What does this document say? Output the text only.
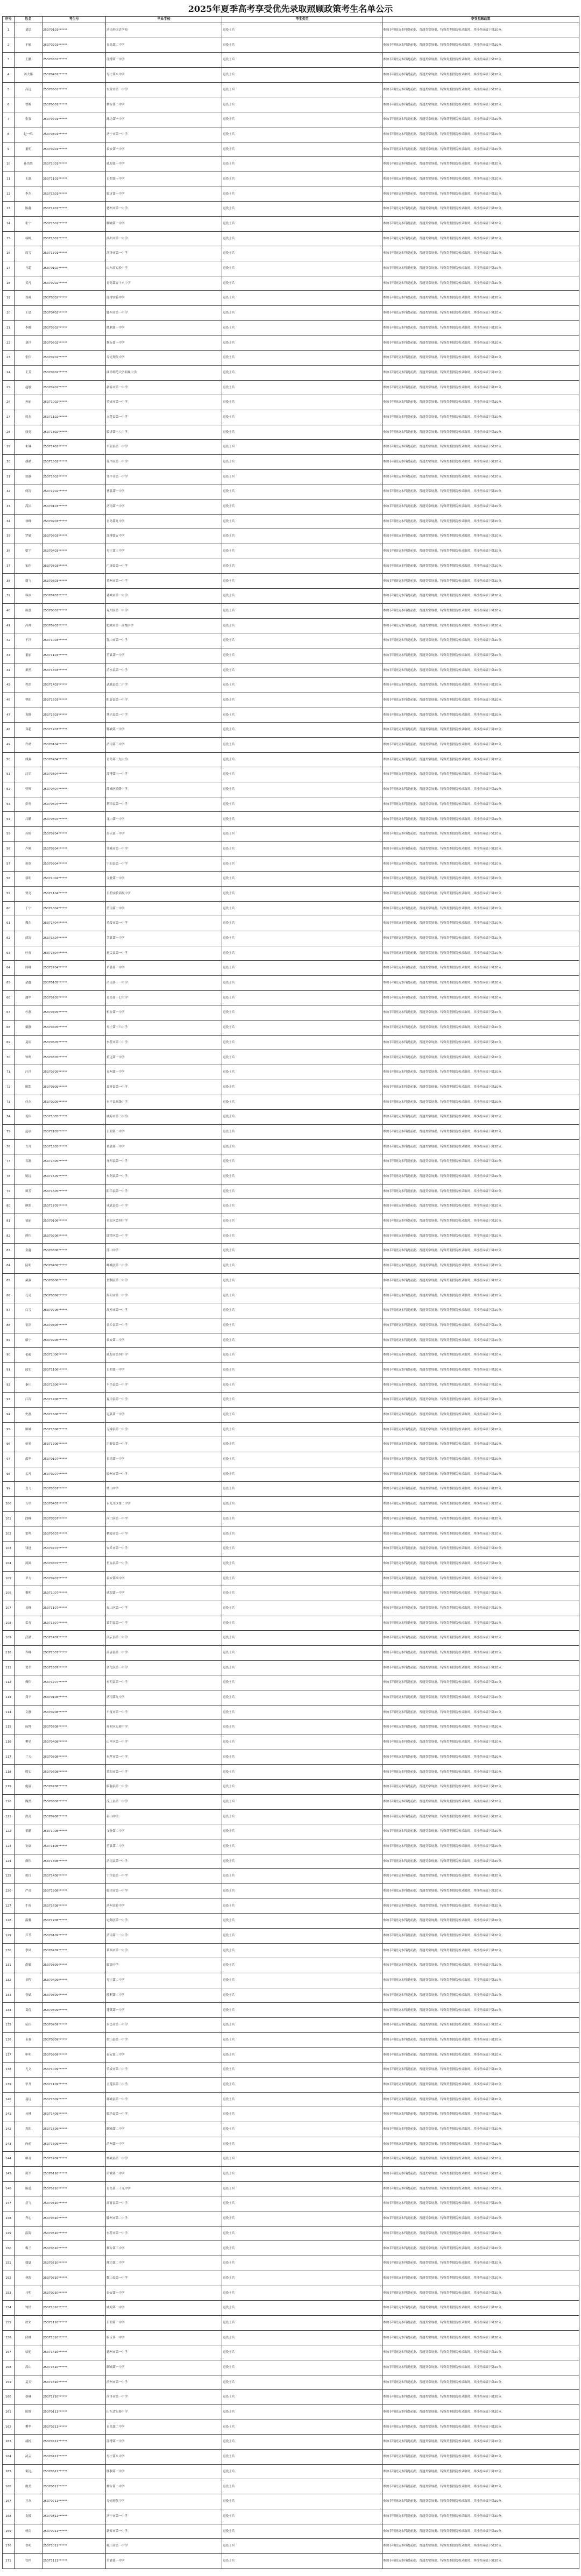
2025年夏季高考享受优先录取照顾政策考生名单公示
序号	姓名	考生号	毕业学校	考生类型	享受照顾政策
1	刘思	25370101******	济南外国语学校	退役士兵	参加专科批及本科提前批、普通类常规批、特殊类型批院校录取时，其投档成绩下降20分。
2	于航	25370201******	青岛第二中学	退役士兵	参加专科批及本科提前批、普通类常规批、特殊类型批院校录取时，其投档成绩下降20分。
3	王鹏	25370301******	淄博第一中学	退役士兵	参加专科批及本科提前批、普通类常规批、特殊类型批院校录取时，其投档成绩下降20分。
4	刘大伟	25370401******	枣庄第八中学	退役士兵	参加专科批及本科提前批、普通类常规批、特殊类型批院校录取时，其投档成绩下降20分。
5	高远	25370501******	东营市第一中学	退役士兵	参加专科批及本科提前批、普通类常规批、特殊类型批院校录取时，其投档成绩下降20分。
6	曹婉	25370601******	烟台第二中学	退役士兵	参加专科批及本科提前批、普通类常规批、特殊类型批院校录取时，其投档成绩下降20分。
7	张强	25370701******	潍坊第一中学	退役士兵	参加专科批及本科提前批、普通类常规批、特殊类型批院校录取时，其投档成绩下降20分。
8	赵一鸣	25370801******	济宁市第一中学	退役士兵	参加专科批及本科提前批、普通类常规批、特殊类型批院校录取时，其投档成绩下降20分。
9	董明	25370901******	泰安第一中学	退役士兵	参加专科批及本科提前批、普通类常规批、特殊类型批院校录取时，其投档成绩下降20分。
10	孙浩然	25371001******	威海第一中学	退役士兵	参加专科批及本科提前批、普通类常规批、特殊类型批院校录取时，其投档成绩下降20分。
11	王磊	25371101******	日照第一中学	退役士兵	参加专科批及本科提前批、普通类常规批、特殊类型批院校录取时，其投档成绩下降20分。
12	李杰	25371301******	临沂第一中学	退役士兵	参加专科批及本科提前批、普通类常规批、特殊类型批院校录取时，其投档成绩下降20分。
13	陈鑫	25371401******	德州市第一中学	退役士兵	参加专科批及本科提前批、普通类常规批、特殊类型批院校录取时，其投档成绩下降20分。
14	张宁	25371501******	聊城第一中学	退役士兵	参加专科批及本科提前批、普通类常规批、特殊类型批院校录取时，其投档成绩下降20分。
15	杨帆	25371601******	滨州市第一中学	退役士兵	参加专科批及本科提前批、普通类常规批、特殊类型批院校录取时，其投档成绩下降20分。
16	周雪	25371701******	菏泽市第一中学	退役士兵	参加专科批及本科提前批、普通类常规批、特殊类型批院校录取时，其投档成绩下降20分。
17	马超	25370102******	山东省实验中学	退役士兵	参加专科批及本科提前批、普通类常规批、特殊类型批院校录取时，其投档成绩下降20分。
18	吴凡	25370202******	青岛第五十八中学	退役士兵	参加专科批及本科提前批、普通类常规批、特殊类型批院校录取时，其投档成绩下降20分。
19	郑爽	25370302******	淄博实验中学	退役士兵	参加专科批及本科提前批、普通类常规批、特殊类型批院校录取时，其投档成绩下降20分。
20	王晨	25370402******	滕州市第一中学	退役士兵	参加专科批及本科提前批、普通类常规批、特殊类型批院校录取时，其投档成绩下降20分。
21	李娜	25370502******	胜利第一中学	退役士兵	参加专科批及本科提前批、普通类常规批、特殊类型批院校录取时，其投档成绩下降20分。
22	刘洋	25370602******	烟台第一中学	退役士兵	参加专科批及本科提前批、普通类常规批、特殊类型批院校录取时，其投档成绩下降20分。
23	张伟	25370702******	寿光现代中学	退役士兵	参加专科批及本科提前批、普通类常规批、特殊类型批院校录取时，其投档成绩下降20分。
24	王芳	25370802******	曲阜师范大学附属中学	退役士兵	参加专科批及本科提前批、普通类常规批、特殊类型批院校录取时，其投档成绩下降20分。
25	赵敏	25370902******	新泰市第一中学	退役士兵	参加专科批及本科提前批、普通类常规批、特殊类型批院校录取时，其投档成绩下降20分。
26	孙丽	25371002******	荣成市第一中学	退役士兵	参加专科批及本科提前批、普通类常规批、特殊类型批院校录取时，其投档成绩下降20分。
27	周杰	25371102******	五莲县第一中学	退役士兵	参加专科批及本科提前批、普通类常规批、特殊类型批院校录取时，其投档成绩下降20分。
28	徐亮	25371302******	临沂第十八中学	退役士兵	参加专科批及本科提前批、普通类常规批、特殊类型批院校录取时，其投档成绩下降20分。
29	朱琳	25371402******	平原县第一中学	退役士兵	参加专科批及本科提前批、普通类常规批、特殊类型批院校录取时，其投档成绩下降20分。
30	胡斌	25371502******	茌平区第一中学	退役士兵	参加专科批及本科提前批、普通类常规批、特殊类型批院校录取时，其投档成绩下降20分。
31	郭静	25371602******	邹平市第一中学	退役士兵	参加专科批及本科提前批、普通类常规批、特殊类型批院校录取时，其投档成绩下降20分。
32	何涛	25371702******	曹县第一中学	退役士兵	参加专科批及本科提前批、普通类常规批、特殊类型批院校录取时，其投档成绩下降20分。
33	高洁	25370103******	济南第一中学	退役士兵	参加专科批及本科提前批、普通类常规批、特殊类型批院校录取时，其投档成绩下降20分。
34	林峰	25370203******	青岛第九中学	退役士兵	参加专科批及本科提前批、普通类常规批、特殊类型批院校录取时，其投档成绩下降20分。
35	罗敏	25370303******	淄博第五中学	退役士兵	参加专科批及本科提前批、普通类常规批、特殊类型批院校录取时，其投档成绩下降20分。
36	梁宇	25370403******	枣庄第三中学	退役士兵	参加专科批及本科提前批、普通类常规批、特殊类型批院校录取时，其投档成绩下降20分。
37	宋佳	25370503******	广饶县第一中学	退役士兵	参加专科批及本科提前批、普通类常规批、特殊类型批院校录取时，其投档成绩下降20分。
38	谢飞	25370603******	莱州市第一中学	退役士兵	参加专科批及本科提前批、普通类常规批、特殊类型批院校录取时，其投档成绩下降20分。
39	韩冰	25370703******	诸城市第一中学	退役士兵	参加专科批及本科提前批、普通类常规批、特殊类型批院校录取时，其投档成绩下降20分。
40	唐磊	25370803******	兖州区第一中学	退役士兵	参加专科批及本科提前批、普通类常规批、特殊类型批院校录取时，其投档成绩下降20分。
41	冯帅	25370903******	肥城市第一高级中学	退役士兵	参加专科批及本科提前批、普通类常规批、特殊类型批院校录取时，其投档成绩下降20分。
42	于洋	25371003******	乳山市第一中学	退役士兵	参加专科批及本科提前批、普通类常规批、特殊类型批院校录取时，其投档成绩下降20分。
43	董丽	25371103******	莒县第一中学	退役士兵	参加专科批及本科提前批、普通类常规批、特殊类型批院校录取时，其投档成绩下降20分。
44	萧然	25371303******	沂水县第一中学	退役士兵	参加专科批及本科提前批、普通类常规批、特殊类型批院校录取时，其投档成绩下降20分。
45	程浩	25371403******	武城县第二中学	退役士兵	参加专科批及本科提前批、普通类常规批、特殊类型批院校录取时，其投档成绩下降20分。
46	曹阳	25371503******	阳谷县第一中学	退役士兵	参加专科批及本科提前批、普通类常规批、特殊类型批院校录取时，其投档成绩下降20分。
47	袁野	25371603******	博兴县第一中学	退役士兵	参加专科批及本科提前批、普通类常规批、特殊类型批院校录取时，其投档成绩下降20分。
48	邓超	25371703******	郓城第一中学	退役士兵	参加专科批及本科提前批、普通类常规批、特殊类型批院校录取时，其投档成绩下降20分。
49	许晴	25370104******	济南第三中学	退役士兵	参加专科批及本科提前批、普通类常规批、特殊类型批院校录取时，其投档成绩下降20分。
50	傅强	25370204******	青岛第十九中学	退役士兵	参加专科批及本科提前批、普通类常规批、特殊类型批院校录取时，其投档成绩下降20分。
51	沈军	25370304******	淄博第十一中学	退役士兵	参加专科批及本科提前批、普通类常规批、特殊类型批院校录取时，其投档成绩下降20分。
52	曾辉	25370404******	薛城区舜耕中学	退役士兵	参加专科批及本科提前批、普通类常规批、特殊类型批院校录取时，其投档成绩下降20分。
53	彭勇	25370504******	利津县第一中学	退役士兵	参加专科批及本科提前批、普通类常规批、特殊类型批院校录取时，其投档成绩下降20分。
54	吕鹏	25370604******	龙口第一中学	退役士兵	参加专科批及本科提前批、普通类常规批、特殊类型批院校录取时，其投档成绩下降20分。
55	苏婷	25370704******	昌乐第一中学	退役士兵	参加专科批及本科提前批、普通类常规批、特殊类型批院校录取时，其投档成绩下降20分。
56	卢刚	25370804******	邹城市第一中学	退役士兵	参加专科批及本科提前批、普通类常规批、特殊类型批院校录取时，其投档成绩下降20分。
57	蒋欣	25370904******	宁阳县第一中学	退役士兵	参加专科批及本科提前批、普通类常规批、特殊类型批院校录取时，其投档成绩下降20分。
58	蔡明	25371004******	文登第一中学	退役士兵	参加专科批及本科提前批、普通类常规批、特殊类型批院校录取时，其投档成绩下降20分。
59	贾亮	25371104******	日照实验高级中学	退役士兵	参加专科批及本科提前批、普通类常规批、特殊类型批院校录取时，其投档成绩下降20分。
60	丁宁	25371304******	莒南第一中学	退役士兵	参加专科批及本科提前批、普通类常规批、特殊类型批院校录取时，其投档成绩下降20分。
61	魏东	25371404******	乐陵市第一中学	退役士兵	参加专科批及本科提前批、普通类常规批、特殊类型批院校录取时，其投档成绩下降20分。
62	薛涛	25371504******	莘县第一中学	退役士兵	参加专科批及本科提前批、普通类常规批、特殊类型批院校录取时，其投档成绩下降20分。
63	叶青	25371604******	惠民县第一中学	退役士兵	参加专科批及本科提前批、普通类常规批、特殊类型批院校录取时，其投档成绩下降20分。
64	阎峰	25371704******	单县第一中学	退役士兵	参加专科批及本科提前批、普通类常规批、特殊类型批院校录取时，其投档成绩下降20分。
65	余鑫	25370105******	济南第十一中学	退役士兵	参加专科批及本科提前批、普通类常规批、特殊类型批院校录取时，其投档成绩下降20分。
66	潘华	25370205******	青岛第十七中学	退役士兵	参加专科批及本科提前批、普通类常规批、特殊类型批院校录取时，其投档成绩下降20分。
67	杜磊	25370305******	桓台第一中学	退役士兵	参加专科批及本科提前批、普通类常规批、特殊类型批院校录取时，其投档成绩下降20分。
68	戴静	25370405******	枣庄第十六中学	退役士兵	参加专科批及本科提前批、普通类常规批、特殊类型批院校录取时，其投档成绩下降20分。
69	夏雨	25370505******	东营市第二中学	退役士兵	参加专科批及本科提前批、普通类常规批、特殊类型批院校录取时，其投档成绩下降20分。
70	钟鸣	25370605******	招远第一中学	退役士兵	参加专科批及本科提前批、普通类常规批、特殊类型批院校录取时，其投档成绩下降20分。
71	汪洋	25370705******	青州第一中学	退役士兵	参加专科批及本科提前批、普通类常规批、特殊类型批院校录取时，其投档成绩下降20分。
72	田甜	25370805******	嘉祥县第一中学	退役士兵	参加专科批及本科提前批、普通类常规批、特殊类型批院校录取时，其投档成绩下降20分。
73	任杰	25370905******	东平县高级中学	退役士兵	参加专科批及本科提前批、普通类常规批、特殊类型批院校录取时，其投档成绩下降20分。
74	姜伟	25371005******	威海市第二中学	退役士兵	参加专科批及本科提前批、普通类常规批、特殊类型批院校录取时，其投档成绩下降20分。
75	范冰	25371105******	日照第二中学	退役士兵	参加专科批及本科提前批、普通类常规批、特殊类型批院校录取时，其投档成绩下降20分。
76	方舟	25371305******	费县第一中学	退役士兵	参加专科批及本科提前批、普通类常规批、特殊类型批院校录取时，其投档成绩下降20分。
77	石磊	25371405******	齐河县第一中学	退役士兵	参加专科批及本科提前批、普通类常规批、特殊类型批院校录取时，其投档成绩下降20分。
78	姚远	25371505******	东阿县第一中学	退役士兵	参加专科批及本科提前批、普通类常规批、特殊类型批院校录取时，其投档成绩下降20分。
79	谭芳	25371605******	阳信县第一中学	退役士兵	参加专科批及本科提前批、普通类常规批、特殊类型批院校录取时，其投档成绩下降20分。
80	廖凯	25371705******	成武县第一中学	退役士兵	参加专科批及本科提前批、普通类常规批、特殊类型批院校录取时，其投档成绩下降20分。
81	邹丽	25370106******	章丘区第四中学	退役士兵	参加专科批及本科提前批、普通类常规批、特殊类型批院校录取时，其投档成绩下降20分。
82	熊伟	25370206******	即墨区第一中学	退役士兵	参加专科批及本科提前批、普通类常规批、特殊类型批院校录取时，其投档成绩下降20分。
83	金鑫	25370306******	淄川中学	退役士兵	参加专科批及本科提前批、普通类常规批、特殊类型批院校录取时，其投档成绩下降20分。
84	陆明	25370406******	峄城区第二中学	退役士兵	参加专科批及本科提前批、普通类常规批、特殊类型批院校录取时，其投档成绩下降20分。
85	郝强	25370506******	垦利区第一中学	退役士兵	参加专科批及本科提前批、普通类常规批、特殊类型批院校录取时，其投档成绩下降20分。
86	孔亮	25370606******	海阳市第一中学	退役士兵	参加专科批及本科提前批、普通类常规批、特殊类型批院校录取时，其投档成绩下降20分。
87	白雪	25370706******	高密市第一中学	退役士兵	参加专科批及本科提前批、普通类常规批、特殊类型批院校录取时，其投档成绩下降20分。
88	崔浩	25370806******	金乡县第一中学	退役士兵	参加专科批及本科提前批、普通类常规批、特殊类型批院校录取时，其投档成绩下降20分。
89	康宁	25370906******	泰安第二中学	退役士兵	参加专科批及本科提前批、普通类常规批、特殊类型批院校录取时，其投档成绩下降20分。
90	毛毅	25371006******	威海市第四中学	退役士兵	参加专科批及本科提前批、普通类常规批、特殊类型批院校录取时，其投档成绩下降20分。
91	邱实	25371106******	日照第一中学	退役士兵	参加专科批及本科提前批、普通类常规批、特殊类型批院校录取时，其投档成绩下降20分。
92	秦川	25371306******	平邑县第一中学	退役士兵	参加专科批及本科提前批、普通类常规批、特殊类型批院校录取时，其投档成绩下降20分。
93	江涛	25371406******	夏津县第一中学	退役士兵	参加专科批及本科提前批、普通类常规批、特殊类型批院校录取时，其投档成绩下降20分。
94	史磊	25371506******	冠县第一中学	退役士兵	参加专科批及本科提前批、普通类常规批、特殊类型批院校录取时，其投档成绩下降20分。
95	顾城	25371606******	无棣县第一中学	退役士兵	参加专科批及本科提前批、普通类常规批、特殊类型批院校录取时，其投档成绩下降20分。
96	侯勇	25371706******	巨野县第一中学	退役士兵	参加专科批及本科提前批、普通类常规批、特殊类型批院校录取时，其投档成绩下降20分。
97	邵华	25370107******	长清第一中学	退役士兵	参加专科批及本科提前批、普通类常规批、特殊类型批院校录取时，其投档成绩下降20分。
98	孟凡	25370207******	胶州市第一中学	退役士兵	参加专科批及本科提前批、普通类常规批、特殊类型批院校录取时，其投档成绩下降20分。
99	龙飞	25370307******	博山中学	退役士兵	参加专科批及本科提前批、普通类常规批、特殊类型批院校录取时，其投档成绩下降20分。
100	万里	25370407******	台儿庄区第二中学	退役士兵	参加专科批及本科提前批、普通类常规批、特殊类型批院校录取时，其投档成绩下降20分。
101	段峰	25370507******	河口区第一中学	退役士兵	参加专科批及本科提前批、普通类常规批、特殊类型批院校录取时，其投档成绩下降20分。
102	雷鸣	25370607******	栖霞市第一中学	退役士兵	参加专科批及本科提前批、普通类常规批、特殊类型批院校录取时，其投档成绩下降20分。
103	钱进	25370707******	安丘市第一中学	退役士兵	参加专科批及本科提前批、普通类常规批、特殊类型批院校录取时，其投档成绩下降20分。
104	汤圆	25370807******	鱼台县第一中学	退役士兵	参加专科批及本科提前批、普通类常规批、特殊类型批院校录取时，其投档成绩下降20分。
105	尹力	25370907******	泰安第四中学	退役士兵	参加专科批及本科提前批、普通类常规批、特殊类型批院校录取时，其投档成绩下降20分。
106	黎明	25371007******	威海第一中学	退役士兵	参加专科批及本科提前批、普通类常规批、特殊类型批院校录取时，其投档成绩下降20分。
107	易峰	25371107******	岚山区第一中学	退役士兵	参加专科批及本科提前批、普通类常规批、特殊类型批院校录取时，其投档成绩下降20分。
108	常青	25371307******	蒙阴县第一中学	退役士兵	参加专科批及本科提前批、普通类常规批、特殊类型批院校录取时，其投档成绩下降20分。
109	武斌	25371407******	庆云县第一中学	退役士兵	参加专科批及本科提前批、普通类常规批、特殊类型批院校录取时，其投档成绩下降20分。
110	乔峰	25371507******	高唐县第一中学	退役士兵	参加专科批及本科提前批、普通类常规批、特殊类型批院校录取时，其投档成绩下降20分。
111	贺军	25371607******	沾化区第一中学	退役士兵	参加专科批及本科提前批、普通类常规批、特殊类型批院校录取时，其投档成绩下降20分。
112	赖伟	25371707******	东明县第一中学	退役士兵	参加专科批及本科提前批、普通类常规批、特殊类型批院校录取时，其投档成绩下降20分。
113	龚平	25370108******	济南第九中学	退役士兵	参加专科批及本科提前批、普通类常规批、特殊类型批院校录取时，其投档成绩下降20分。
114	文静	25370208******	平度市第一中学	退役士兵	参加专科批及本科提前批、普通类常规批、特殊类型批院校录取时，其投档成绩下降20分。
115	庞博	25370308******	周村区实验中学	退役士兵	参加专科批及本科提前批、普通类常规批、特殊类型批院校录取时，其投档成绩下降20分。
116	樊星	25370408******	山亭区第一中学	退役士兵	参加专科批及本科提前批、普通类常规批、特殊类型批院校录取时，其投档成绩下降20分。
117	兰天	25370508******	东营市第一中学	退役士兵	参加专科批及本科提前批、普通类常规批、特殊类型批院校录取时，其投档成绩下降20分。
118	殷实	25370608******	莱阳市第一中学	退役士兵	参加专科批及本科提前批、普通类常规批、特殊类型批院校录取时，其投档成绩下降20分。
119	施展	25370708******	临朐县第一中学	退役士兵	参加专科批及本科提前批、普通类常规批、特殊类型批院校录取时，其投档成绩下降20分。
120	陶然	25370808******	汶上县第一中学	退役士兵	参加专科批及本科提前批、普通类常规批、特殊类型批院校录取时，其投档成绩下降20分。
121	洪亮	25370908******	泰山中学	退役士兵	参加专科批及本科提前批、普通类常规批、特殊类型批院校录取时，其投档成绩下降20分。
122	翟鹏	25371008******	文登第二中学	退役士兵	参加专科批及本科提前批、普通类常规批、特殊类型批院校录取时，其投档成绩下降20分。
123	安康	25371108******	莒县第二中学	退役士兵	参加专科批及本科提前批、普通类常规批、特殊类型批院校录取时，其投档成绩下降20分。
124	颜伟	25371308******	沂南县第一中学	退役士兵	参加专科批及本科提前批、普通类常规批、特殊类型批院校录取时，其投档成绩下降20分。
125	倪红	25371408******	宁津县第一中学	退役士兵	参加专科批及本科提前批、普通类常规批、特殊类型批院校录取时，其投档成绩下降20分。
126	严肃	25371508******	临清市第一中学	退役士兵	参加专科批及本科提前批、普通类常规批、特殊类型批院校录取时，其投档成绩下降20分。
127	牛犇	25371608******	滨州实验中学	退役士兵	参加专科批及本科提前批、普通类常规批、特殊类型批院校录取时，其投档成绩下降20分。
128	温馨	25371708******	定陶区第一中学	退役士兵	参加专科批及本科提前批、普通类常规批、特殊类型批院校录取时，其投档成绩下降20分。
129	芦苇	25370109******	济南第十二中学	退役士兵	参加专科批及本科提前批、普通类常规批、特殊类型批院校录取时，其投档成绩下降20分。
130	季风	25370209******	莱西市第一中学	退役士兵	参加专科批及本科提前批、普通类常规批、特殊类型批院校录取时，其投档成绩下降20分。
131	俞敏	25370309******	临淄中学	退役士兵	参加专科批及本科提前批、普通类常规批、特殊类型批院校录取时，其投档成绩下降20分。
132	章程	25370409******	枣庄第二中学	退役士兵	参加专科批及本科提前批、普通类常规批、特殊类型批院校录取时，其投档成绩下降20分。
133	鲁斌	25370509******	胜利第二中学	退役士兵	参加专科批及本科提前批、普通类常规批、特殊类型批院校录取时，其投档成绩下降20分。
134	葛优	25370609******	蓬莱第一中学	退役士兵	参加专科批及本科提前批、普通类常规批、特殊类型批院校录取时，其投档成绩下降20分。
135	伍佳	25370709******	昌邑市第一中学	退役士兵	参加专科批及本科提前批、普通类常规批、特殊类型批院校录取时，其投档成绩下降20分。
136	韦强	25370809******	梁山县第一中学	退役士兵	参加专科批及本科提前批、普通类常规批、特殊类型批院校录取时，其投档成绩下降20分。
137	申明	25370909******	泰安第三中学	退役士兵	参加专科批及本科提前批、普通类常规批、特殊类型批院校录取时，其投档成绩下降20分。
138	尤文	25371009******	荣成市第二中学	退役士兵	参加专科批及本科提前批、普通类常规批、特殊类型批院校录取时，其投档成绩下降20分。
139	毕升	25371109******	五莲县第二中学	退役士兵	参加专科批及本科提前批、普通类常规批、特殊类型批院校录取时，其投档成绩下降20分。
140	聂远	25371309******	郯城县第一中学	退役士兵	参加专科批及本科提前批、普通类常规批、特殊类型批院校录取时，其投档成绩下降20分。
141	丛林	25371409******	临邑县第一中学	退役士兵	参加专科批及本科提前批、普通类常规批、特殊类型批院校录取时，其投档成绩下降20分。
142	焦阳	25371509******	聊城第二中学	退役士兵	参加专科批及本科提前批、普通类常规批、特殊类型批院校录取时，其投档成绩下降20分。
143	向前	25371609******	滨州第一中学	退役士兵	参加专科批及本科提前批、普通类常规批、特殊类型批院校录取时，其投档成绩下降20分。
144	柳青	25371709******	鄄城县第一中学	退役士兵	参加专科批及本科提前批、普通类常规批、特殊类型批院校录取时，其投档成绩下降20分。
145	邢军	25370110******	历城第二中学	退役士兵	参加专科批及本科提前批、普通类常规批、特殊类型批院校录取时，其投档成绩下降20分。
146	路遥	25370210******	青岛第三十九中学	退役士兵	参加专科批及本科提前批、普通类常规批、特殊类型批院校录取时，其投档成绩下降20分。
147	岳飞	25370310******	高青县第一中学	退役士兵	参加专科批及本科提前批、普通类常规批、特殊类型批院校录取时，其投档成绩下降20分。
148	齐心	25370410******	滕州市第二中学	退役士兵	参加专科批及本科提前批、普通类常规批、特殊类型批院校录取时，其投档成绩下降20分。
149	沿海	25370510******	东营市第一中学	退役士兵	参加专科批及本科提前批、普通类常规批、特殊类型批院校录取时，其投档成绩下降20分。
150	梅兰	25370610******	烟台第三中学	退役士兵	参加专科批及本科提前批、普通类常规批、特殊类型批院校录取时，其投档成绩下降20分。
151	盛夏	25370710******	潍坊第二中学	退役士兵	参加专科批及本科提前批、普通类常规批、特殊类型批院校录取时，其投档成绩下降20分。
152	林海	25370810******	微山县第一中学	退役士兵	参加专科批及本科提前批、普通类常规批、特殊类型批院校录取时，其投档成绩下降20分。
153	刁明	25370910******	泰安第一中学	退役士兵	参加专科批及本科提前批、普通类常规批、特殊类型批院校录取时，其投档成绩下降20分。
154	钟情	25371010******	威海第一中学	退役士兵	参加专科批及本科提前批、普通类常规批、特殊类型批院校录取时，其投档成绩下降20分。
155	徐来	25371110******	日照第一中学	退役士兵	参加专科批及本科提前批、普通类常规批、特殊类型批院校录取时，其投档成绩下降20分。
156	邱林	25371310******	临沂第一中学	退役士兵	参加专科批及本科提前批、普通类常规批、特殊类型批院校录取时，其投档成绩下降20分。
157	骆驼	25371410******	德州市第一中学	退役士兵	参加专科批及本科提前批、普通类常规批、特殊类型批院校录取时，其投档成绩下降20分。
158	高山	25371510******	聊城第一中学	退役士兵	参加专科批及本科提前批、普通类常规批、特殊类型批院校录取时，其投档成绩下降20分。
159	夏天	25371610******	滨州市第一中学	退役士兵	参加专科批及本科提前批、普通类常规批、特殊类型批院校录取时，其投档成绩下降20分。
160	蔡琳	25371710******	菏泽市第一中学	退役士兵	参加专科批及本科提前批、普通类常规批、特殊类型批院校录取时，其投档成绩下降20分。
161	田野	25370111******	山东省实验中学	退役士兵	参加专科批及本科提前批、普通类常规批、特殊类型批院校录取时，其投档成绩下降20分。
162	樊华	25370211******	青岛第二中学	退役士兵	参加专科批及本科提前批、普通类常规批、特殊类型批院校录取时，其投档成绩下降20分。
163	胡杨	25370311******	淄博第一中学	退役士兵	参加专科批及本科提前批、普通类常规批、特殊类型批院校录取时，其投档成绩下降20分。
164	凌云	25370411******	枣庄第八中学	退役士兵	参加专科批及本科提前批、普通类常规批、特殊类型批院校录取时，其投档成绩下降20分。
165	霍达	25370511******	胜利第一中学	退役士兵	参加专科批及本科提前批、普通类常规批、特殊类型批院校录取时，其投档成绩下降20分。
166	虞美	25370611******	烟台第二中学	退役士兵	参加专科批及本科提前批、普通类常规批、特殊类型批院校录取时，其投档成绩下降20分。
167	万众	25370711******	寿光现代中学	退役士兵	参加专科批及本科提前批、普通类常规批、特殊类型批院校录取时，其投档成绩下降20分。
168	支援	25370811******	济宁市第一中学	退役士兵	参加专科批及本科提前批、普通类常规批、特殊类型批院校录取时，其投档成绩下降20分。
169	柯南	25370911******	新泰市第一中学	退役士兵	参加专科批及本科提前批、普通类常规批、特殊类型批院校录取时，其投档成绩下降20分。
170	昝明	25371011******	乳山市第一中学	退役士兵	参加专科批及本科提前批、普通类常规批、特殊类型批院校录取时，其投档成绩下降20分。
171	管仲	25371111******	莒县第一中学	退役士兵	参加专科批及本科提前批、普通类常规批、特殊类型批院校录取时，其投档成绩下降20分。
